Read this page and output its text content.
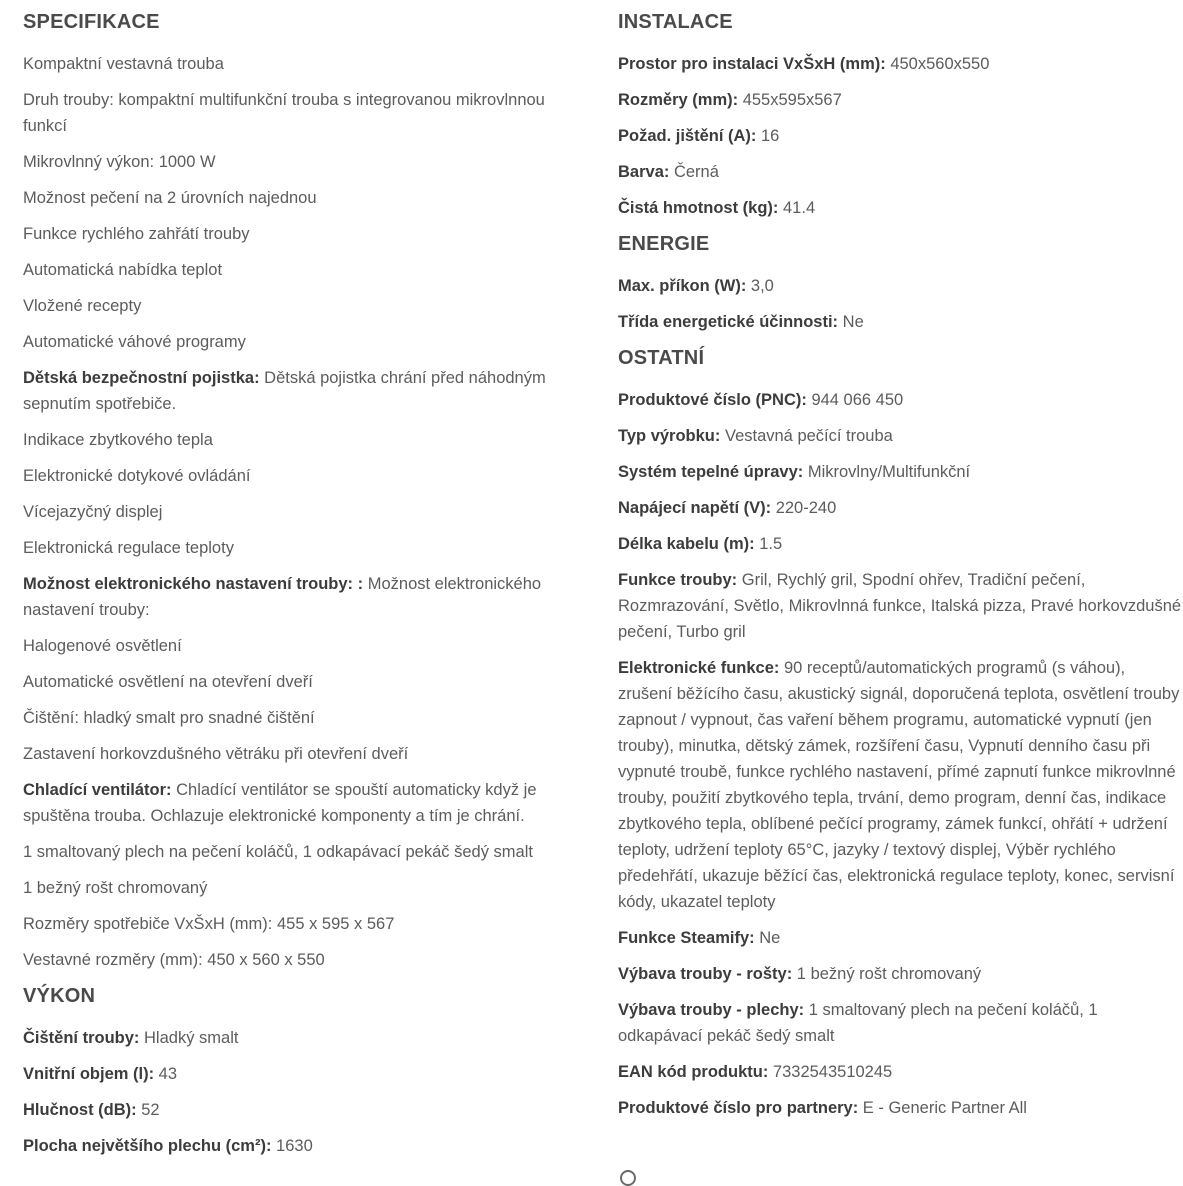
SPECIFIKACE
Kompaktní vestavná trouba
Druh trouby: kompaktní multifunkční trouba s integrovanou mikrovlnnou funkcí
Mikrovlnný výkon: 1000 W
Možnost pečení na 2 úrovních najednou
Funkce rychlého zahřátí trouby
Automatická nabídka teplot
Vložené recepty
Automatické váhové programy
Dětská bezpečnostní pojistka: Dětská pojistka chrání před náhodným sepnutím spotřebiče.
Indikace zbytkového tepla
Elektronické dotykové ovládání
Vícejazyčný displej
Elektronická regulace teploty
Možnost elektronického nastavení trouby: : Možnost elektronického nastavení trouby:
Halogenové osvětlení
Automatické osvětlení na otevření dveří
Čištění: hladký smalt pro snadné čištění
Zastavení horkovzdušného větráku při otevření dveří
Chladící ventilátor: Chladící ventilátor se spouští automaticky když je spuštěna trouba. Ochlazuje elektronické komponenty a tím je chrání.
1 smaltovaný plech na pečení koláčů, 1 odkapávací pekáč šedý smalt
1 bežný rošt chromovaný
Rozměry spotřebiče VxŠxH (mm): 455 x 595 x 567
Vestavné rozměry (mm): 450 x 560 x 550
VÝKON
Čištění trouby: Hladký smalt
Vnitřní objem (l): 43
Hlučnost (dB): 52
Plocha největšího plechu (cm²): 1630
INSTALACE
Prostor pro instalaci VxŠxH (mm): 450x560x550
Rozměry (mm): 455x595x567
Požad. jištění (A): 16
Barva: Černá
Čistá hmotnost (kg): 41.4
ENERGIE
Max. příkon (W): 3,0
Třída energetické účinnosti: Ne
OSTATNÍ
Produktové číslo (PNC): 944 066 450
Typ výrobku: Vestavná pečící trouba
Systém tepelné úpravy: Mikrovlny/Multifunkční
Napájecí napětí (V): 220-240
Délka kabelu (m): 1.5
Funkce trouby: Gril, Rychlý gril, Spodní ohřev, Tradiční pečení, Rozmrazování, Světlo, Mikrovlnná funkce, Italská pizza, Pravé horkovzdušné pečení, Turbo gril
Elektronické funkce: 90 receptů/automatických programů (s váhou), zrušení běžícího času, akustický signál, doporučená teplota, osvětlení trouby zapnout / vypnout, čas vaření během programu, automatické vypnutí (jen trouby), minutka, dětský zámek, rozšíření času, Vypnutí denního času při vypnuté troubě, funkce rychlého nastavení, přímé zapnutí funkce mikrovlnné trouby, použití zbytkového tepla, trvání, demo program, denní čas, indikace zbytkového tepla, oblíbené pečící programy, zámek funkcí, ohřátí + udržení teploty, udržení teploty 65°C, jazyky / textový displej, Výběr rychlého předehřátí, ukazuje běžící čas, elektronická regulace teploty, konec, servisní kódy, ukazatel teploty
Funkce Steamify: Ne
Výbava trouby - rošty: 1 bežný rošt chromovaný
Výbava trouby - plechy: 1 smaltovaný plech na pečení koláčů, 1 odkapávací pekáč šedý smalt
EAN kód produktu: 7332543510245
Produktové číslo pro partnery: E - Generic Partner All
